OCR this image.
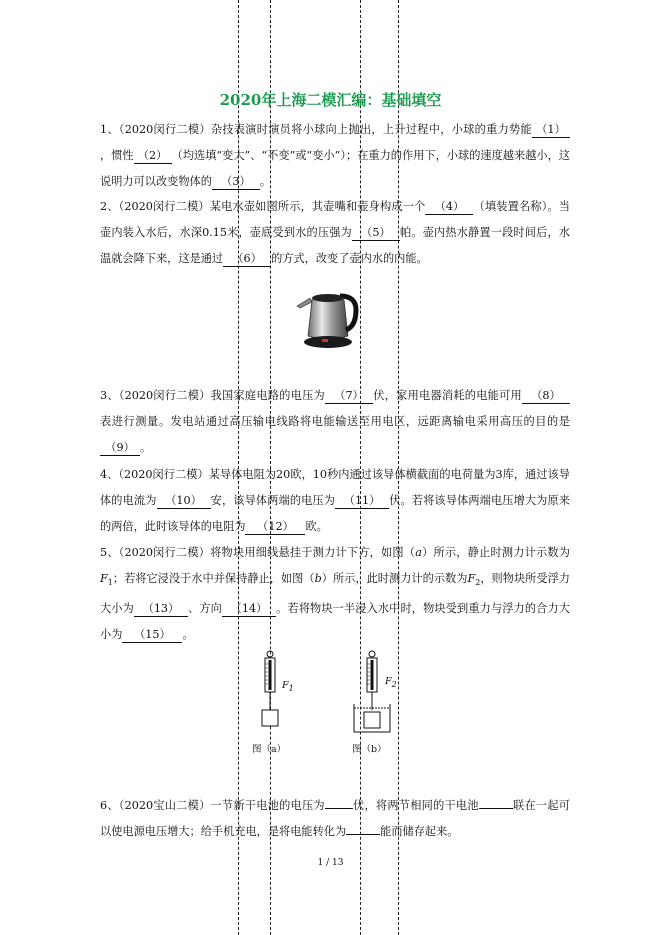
2020年上海二模汇编：基础填空
1、（2020闵行二模）杂技表演时演员将小球向上抛出，上升过程中，小球的重力势能 （1），惯性 （2） （均选填“变大”、“不变”或“变小”）；在重力的作用下，小球的速度越来越小，这说明力可以改变物体的 （3） 。
2、（2020闵行二模）某电水壶如图所示，其壶嘴和壶身构成一个 （4） （填装置名称）。当壶内装入水后，水深0.15米，壶底受到水的压强为 （5） 帕。壶内热水静置一段时间后，水温就会降下来，这是通过 （6） 的方式，改变了壶内水的内能。
3、（2020闵行二模）我国家庭电路的电压为 （7） 伏，家用电器消耗的电能可用 （8）表进行测量。发电站通过高压输电线路将电能输送至用电区，远距离输电采用高压的目的是（9） 。
4、（2020闵行二模）某导体电阻为20欧，10秒内通过该导体横截面的电荷量为3库，通过该导体的电流为 （10） 安，该导体两端的电压为 （11） 伏。若将该导体两端电压增大为原来的两倍，此时该导体的电阻为 （12） 欧。
5、（2020闵行二模）将物块用细线悬挂于测力计下方，如图（a）所示，静止时测力计示数为$F_1$；若将它浸没于水中并保持静止，如图（b）所示，此时测力计的示数为$F_2$，则物块所受浮力大小为 （13） 、方向 （14） 。若将物块一半浸入水中时，物块受到重力与浮力的合力大小为 （15） 。
$F_1$
图（a）
$F_2$
图（b）
6、（2020宝山二模）一节新干电池的电压为	伏，将两节相同的干电池	联在一起可以使电源电压增大；给手机充电，是将电能转化为	能而储存起来。
1 / 13
